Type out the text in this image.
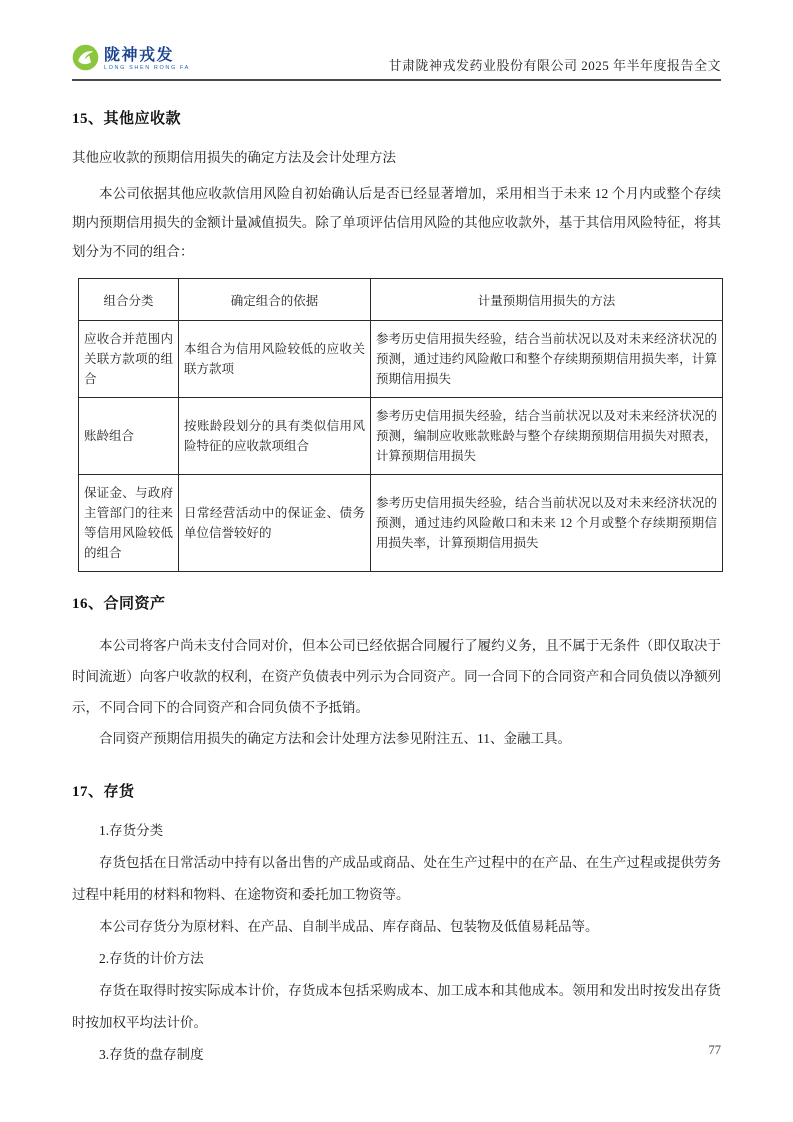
陇神戎发
LONG SHEN RONG FA	甘肃陇神戎发药业股份有限公司 2025 年半年度报告全文
15、其他应收款

其他应收款的预期信用损失的确定方法及会计处理方法

本公司依据其他应收款信用风险自初始确认后是否已经显著增加，采用相当于未来 12 个月内或整个存续期内预期信用损失的金额计量减值损失。除了单项评估信用风险的其他应收款外，基于其信用风险特征，将其划分为不同的组合：

组合分类	确定组合的依据	计量预期信用损失的方法
应收合并范围内关联方款项的组合	本组合为信用风险较低的应收关联方款项	参考历史信用损失经验，结合当前状况以及对未来经济状况的预测，通过违约风险敞口和整个存续期预期信用损失率，计算预期信用损失
账龄组合	按账龄段划分的具有类似信用风险特征的应收款项组合	参考历史信用损失经验，结合当前状况以及对未来经济状况的预测，编制应收账款账龄与整个存续期预期信用损失对照表，计算预期信用损失
保证金、与政府主管部门的往来等信用风险较低的组合	日常经营活动中的保证金、债务单位信誉较好的	参考历史信用损失经验，结合当前状况以及对未来经济状况的预测，通过违约风险敞口和未来 12 个月或整个存续期预期信用损失率，计算预期信用损失
16、合同资产

本公司将客户尚未支付合同对价，但本公司已经依据合同履行了履约义务，且不属于无条件（即仅取决于时间流逝）向客户收款的权利，在资产负债表中列示为合同资产。同一合同下的合同资产和合同负债以净额列示，不同合同下的合同资产和合同负债不予抵销。

合同资产预期信用损失的确定方法和会计处理方法参见附注五、11、金融工具。

17、存货

1.存货分类

存货包括在日常活动中持有以备出售的产成品或商品、处在生产过程中的在产品、在生产过程或提供劳务过程中耗用的材料和物料、在途物资和委托加工物资等。

本公司存货分为原材料、在产品、自制半成品、库存商品、包装物及低值易耗品等。

2.存货的计价方法

存货在取得时按实际成本计价，存货成本包括采购成本、加工成本和其他成本。领用和发出时按发出存货时按加权平均法计价。

3.存货的盘存制度	77
